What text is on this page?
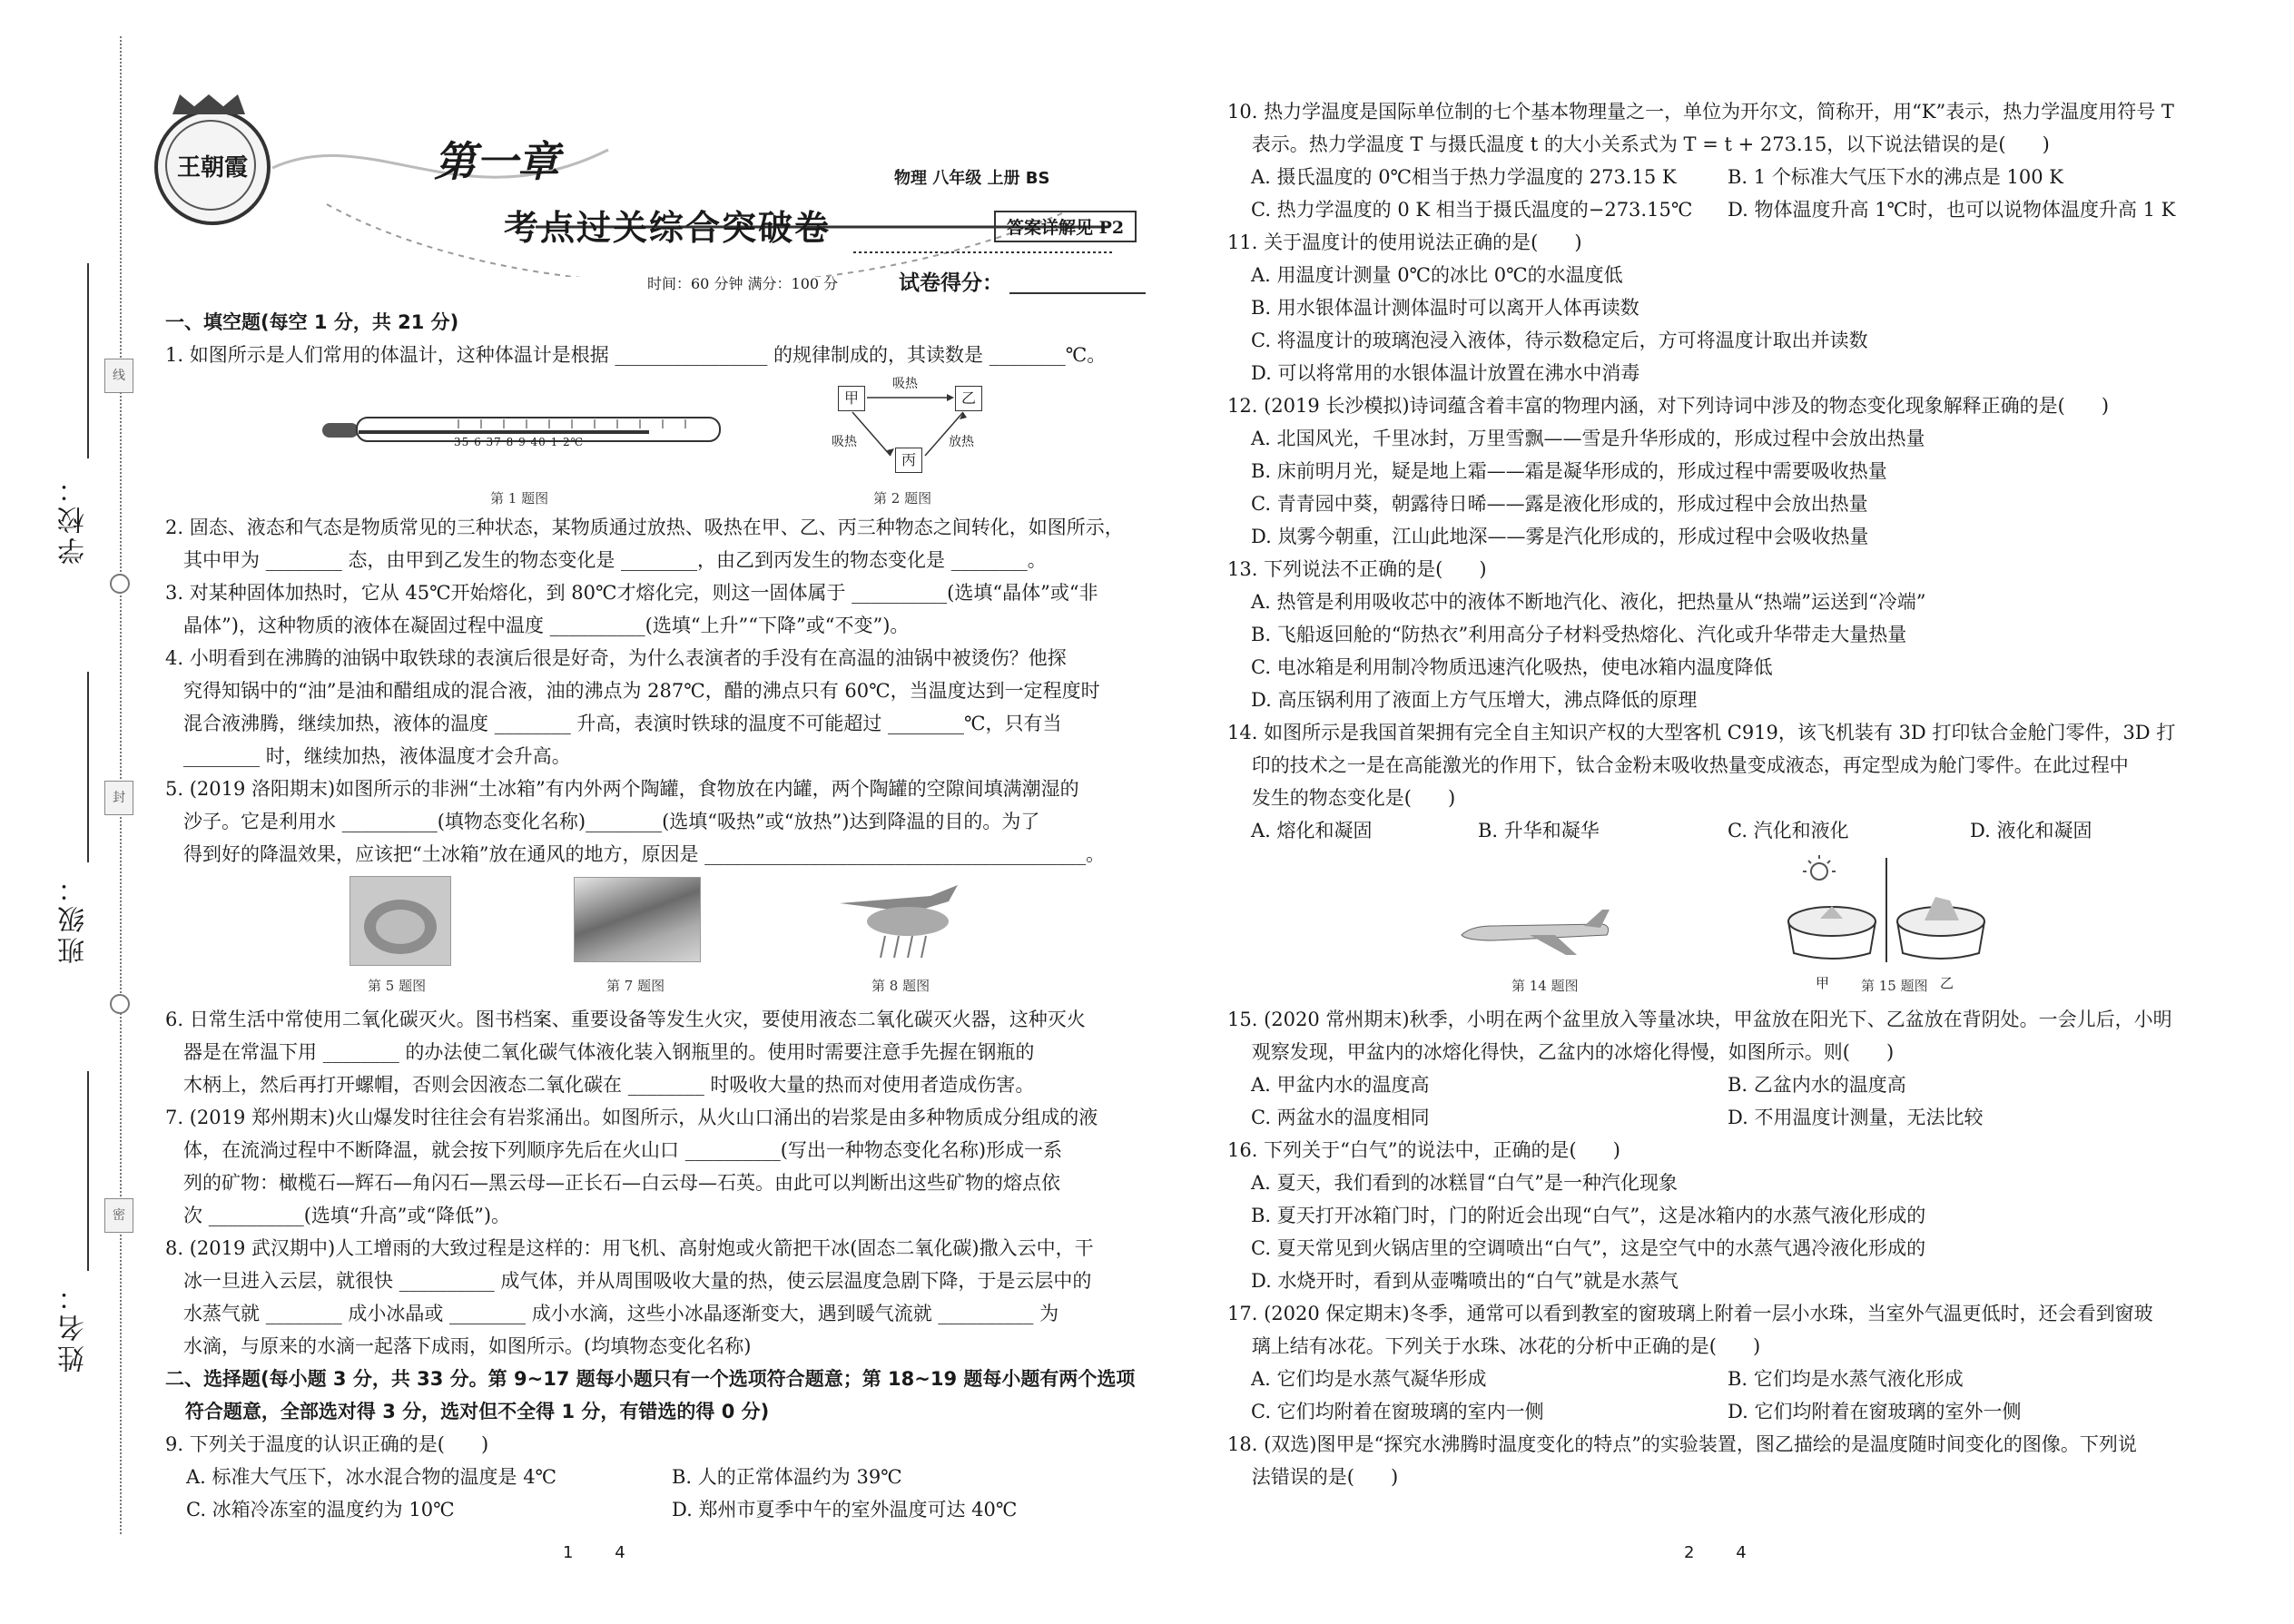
学校：
班级：
姓名：
线
封
密
王朝霞	第一章
考点过关综合突破卷
物理 八年级 上册 BS
答案详解见 P2
时间：60 分钟 满分：100 分	试卷得分：
一、填空题(每空 1 分，共 21 分)
1. 如图所示是人们常用的体温计，这种体温计是根据 ________________ 的规律制成的，其读数是 ________℃。
35 6 37 8 9 40 1 2℃
第 1 题图
甲	乙
丙
吸热
吸热	放热
第 2 题图
2. 固态、液态和气态是物质常见的三种状态，某物质通过放热、吸热在甲、乙、丙三种物态之间转化，如图所示，
其中甲为 ________ 态，由甲到乙发生的物态变化是 ________，由乙到丙发生的物态变化是 ________。
3. 对某种固体加热时，它从 45℃开始熔化，到 80℃才熔化完，则这一固体属于 __________(选填“晶体”或“非
晶体”)，这种物质的液体在凝固过程中温度 __________(选填“上升”“下降”或“不变”)。
4. 小明看到在沸腾的油锅中取铁球的表演后很是好奇，为什么表演者的手没有在高温的油锅中被烫伤？他探
究得知锅中的“油”是油和醋组成的混合液，油的沸点为 287℃，醋的沸点只有 60℃，当温度达到一定程度时
混合液沸腾，继续加热，液体的温度 ________ 升高，表演时铁球的温度不可能超过 ________℃，只有当
________ 时，继续加热，液体温度才会升高。
5. (2019 洛阳期末)如图所示的非洲“土冰箱”有内外两个陶罐，食物放在内罐，两个陶罐的空隙间填满潮湿的
沙子。它是利用水 __________(填物态变化名称)________(选填“吸热”或“放热”)达到降温的目的。为了
得到好的降温效果，应该把“土冰箱”放在通风的地方，原因是 ________________________________________。
第 5 题图	第 7 题图	第 8 题图
6. 日常生活中常使用二氧化碳灭火。图书档案、重要设备等发生火灾，要使用液态二氧化碳灭火器，这种灭火
器是在常温下用 ________ 的办法使二氧化碳气体液化装入钢瓶里的。使用时需要注意手先握在钢瓶的
木柄上，然后再打开螺帽，否则会因液态二氧化碳在 ________ 时吸收大量的热而对使用者造成伤害。
7. (2019 郑州期末)火山爆发时往往会有岩浆涌出。如图所示，从火山口涌出的岩浆是由多种物质成分组成的液
体，在流淌过程中不断降温，就会按下列顺序先后在火山口 __________(写出一种物态变化名称)形成一系
列的矿物：橄榄石—辉石—角闪石—黑云母—正长石—白云母—石英。由此可以判断出这些矿物的熔点依
次 __________(选填“升高”或“降低”)。
8. (2019 武汉期中)人工增雨的大致过程是这样的：用飞机、高射炮或火箭把干冰(固态二氧化碳)撒入云中，干
冰一旦进入云层，就很快 __________ 成气体，并从周围吸收大量的热，使云层温度急剧下降，于是云层中的
水蒸气就 ________ 成小冰晶或 ________ 成小水滴，这些小冰晶逐渐变大，遇到暖气流就 __________ 为
水滴，与原来的水滴一起落下成雨，如图所示。(均填物态变化名称)
二、选择题(每小题 3 分，共 33 分。第 9~17 题每小题只有一个选项符合题意；第 18~19 题每小题有两个选项
符合题意，全部选对得 3 分，选对但不全得 1 分，有错选的得 0 分)
9. 下列关于温度的认识正确的是(      )
A. 标准大气压下，冰水混合物的温度是 4℃	B. 人的正常体温约为 39℃
C. 冰箱冷冻室的温度约为 10℃	D. 郑州市夏季中午的室外温度可达 40℃
1        4
10. 热力学温度是国际单位制的七个基本物理量之一，单位为开尔文，简称开，用“K”表示，热力学温度用符号 T
表示。热力学温度 T 与摄氏温度 t 的大小关系式为 T = t + 273.15，以下说法错误的是(      )
A. 摄氏温度的 0℃相当于热力学温度的 273.15 K	B. 1 个标准大气压下水的沸点是 100 K
C. 热力学温度的 0 K 相当于摄氏温度的−273.15℃ D. 物体温度升高 1℃时，也可以说物体温度升高 1 K
11. 关于温度计的使用说法正确的是(      )
A. 用温度计测量 0℃的冰比 0℃的水温度低
B. 用水银体温计测体温时可以离开人体再读数
C. 将温度计的玻璃泡浸入液体，待示数稳定后，方可将温度计取出并读数
D. 可以将常用的水银体温计放置在沸水中消毒
12. (2019 长沙模拟)诗词蕴含着丰富的物理内涵，对下列诗词中涉及的物态变化现象解释正确的是(      )
A. 北国风光，千里冰封，万里雪飘——雪是升华形成的，形成过程中会放出热量
B. 床前明月光，疑是地上霜——霜是凝华形成的，形成过程中需要吸收热量
C. 青青园中葵，朝露待日晞——露是液化形成的，形成过程中会放出热量
D. 岚雾今朝重，江山此地深——雾是汽化形成的，形成过程中会吸收热量
13. 下列说法不正确的是(      )
A. 热管是利用吸收芯中的液体不断地汽化、液化，把热量从“热端”运送到“冷端”
B. 飞船返回舱的“防热衣”利用高分子材料受热熔化、汽化或升华带走大量热量
C. 电冰箱是利用制冷物质迅速汽化吸热，使电冰箱内温度降低
D. 高压锅利用了液面上方气压增大，沸点降低的原理
14. 如图所示是我国首架拥有完全自主知识产权的大型客机 C919，该飞机装有 3D 打印钛合金舱门零件，3D 打
印的技术之一是在高能激光的作用下，钛合金粉末吸收热量变成液态，再定型成为舱门零件。在此过程中
发生的物态变化是(      )
A. 熔化和凝固	B. 升华和凝华	C. 汽化和液化	D. 液化和凝固
第 14 题图	甲 第 15 题图 乙
15. (2020 常州期末)秋季，小明在两个盆里放入等量冰块，甲盆放在阳光下、乙盆放在背阴处。一会儿后，小明
观察发现，甲盆内的冰熔化得快，乙盆内的冰熔化得慢，如图所示。则(      )
A. 甲盆内水的温度高	B. 乙盆内水的温度高
C. 两盆水的温度相同	D. 不用温度计测量，无法比较
16. 下列关于“白气”的说法中，正确的是(      )
A. 夏天，我们看到的冰糕冒“白气”是一种汽化现象
B. 夏天打开冰箱门时，门的附近会出现“白气”，这是冰箱内的水蒸气液化形成的
C. 夏天常见到火锅店里的空调喷出“白气”，这是空气中的水蒸气遇冷液化形成的
D. 水烧开时，看到从壶嘴喷出的“白气”就是水蒸气
17. (2020 保定期末)冬季，通常可以看到教室的窗玻璃上附着一层小水珠，当室外气温更低时，还会看到窗玻
璃上结有冰花。下列关于水珠、冰花的分析中正确的是(      )
A. 它们均是水蒸气凝华形成	B. 它们均是水蒸气液化形成
C. 它们均附着在窗玻璃的室内一侧	D. 它们均附着在窗玻璃的室外一侧
18. (双选)图甲是“探究水沸腾时温度变化的特点”的实验装置，图乙描绘的是温度随时间变化的图像。下列说
法错误的是(      )
2        4
